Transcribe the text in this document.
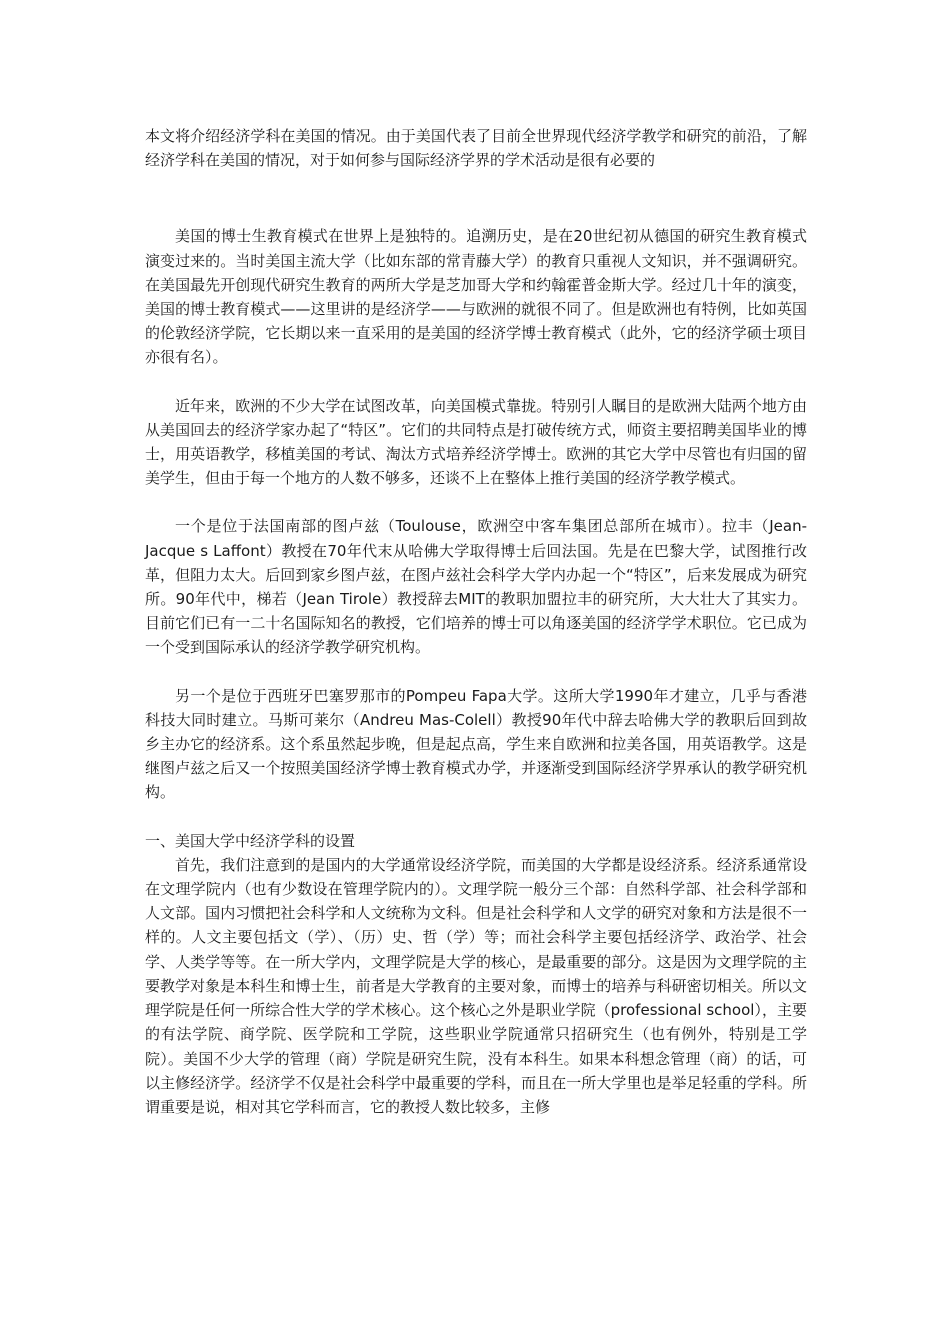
本文将介绍经济学科在美国的情况。由于美国代表了目前全世界现代经济学教学和研究的前沿，了解经济学科在美国的情况，对于如何参与国际经济学界的学术活动是很有必要的

美国的博士生教育模式在世界上是独特的。追溯历史，是在20世纪初从德国的研究生教育模式演变过来的。当时美国主流大学（比如东部的常青藤大学）的教育只重视人文知识，并不强调研究。在美国最先开创现代研究生教育的两所大学是芝加哥大学和约翰霍普金斯大学。经过几十年的演变，美国的博士教育模式——这里讲的是经济学——与欧洲的就很不同了。但是欧洲也有特例，比如英国的伦敦经济学院，它长期以来一直采用的是美国的经济学博士教育模式（此外，它的经济学硕士项目亦很有名）。

近年来，欧洲的不少大学在试图改革，向美国模式靠拢。特别引人瞩目的是欧洲大陆两个地方由从美国回去的经济学家办起了“特区”。它们的共同特点是打破传统方式，师资主要招聘美国毕业的博士，用英语教学，移植美国的考试、淘汰方式培养经济学博士。欧洲的其它大学中尽管也有归国的留美学生，但由于每一个地方的人数不够多，还谈不上在整体上推行美国的经济学教学模式。

一个是位于法国南部的图卢兹（Toulouse，欧洲空中客车集团总部所在城市）。拉丰（Jean-Jacque s Laffont）教授在70年代末从哈佛大学取得博士后回法国。先是在巴黎大学，试图推行改革，但阻力太大。后回到家乡图卢兹，在图卢兹社会科学大学内办起一个“特区”，后来发展成为研究所。90年代中，梯若（Jean Tirole）教授辞去MIT的教职加盟拉丰的研究所，大大壮大了其实力。目前它们已有一二十名国际知名的教授，它们培养的博士可以角逐美国的经济学学术职位。它已成为一个受到国际承认的经济学教学研究机构。

另一个是位于西班牙巴塞罗那市的Pompeu Fapa大学。这所大学1990年才建立，几乎与香港科技大同时建立。马斯可莱尔（Andreu Mas-Colell）教授90年代中辞去哈佛大学的教职后回到故乡主办它的经济系。这个系虽然起步晚，但是起点高，学生来自欧洲和拉美各国，用英语教学。这是继图卢兹之后又一个按照美国经济学博士教育模式办学，并逐渐受到国际经济学界承认的教学研究机构。

一、美国大学中经济学科的设置

首先，我们注意到的是国内的大学通常设经济学院，而美国的大学都是设经济系。经济系通常设在文理学院内（也有少数设在管理学院内的）。文理学院一般分三个部：自然科学部、社会科学部和人文部。国内习惯把社会科学和人文统称为文科。但是社会科学和人文学的研究对象和方法是很不一样的。人文主要包括文（学）、（历）史、哲（学）等；而社会科学主要包括经济学、政治学、社会学、人类学等等。在一所大学内，文理学院是大学的核心，是最重要的部分。这是因为文理学院的主要教学对象是本科生和博士生，前者是大学教育的主要对象，而博士的培养与科研密切相关。所以文理学院是任何一所综合性大学的学术核心。这个核心之外是职业学院（professional school），主要的有法学院、商学院、医学院和工学院，这些职业学院通常只招研究生（也有例外，特别是工学院）。美国不少大学的管理（商）学院是研究生院，没有本科生。如果本科想念管理（商）的话，可以主修经济学。经济学不仅是社会科学中最重要的学科，而且在一所大学里也是举足轻重的学科。所谓重要是说，相对其它学科而言，它的教授人数比较多，主修
